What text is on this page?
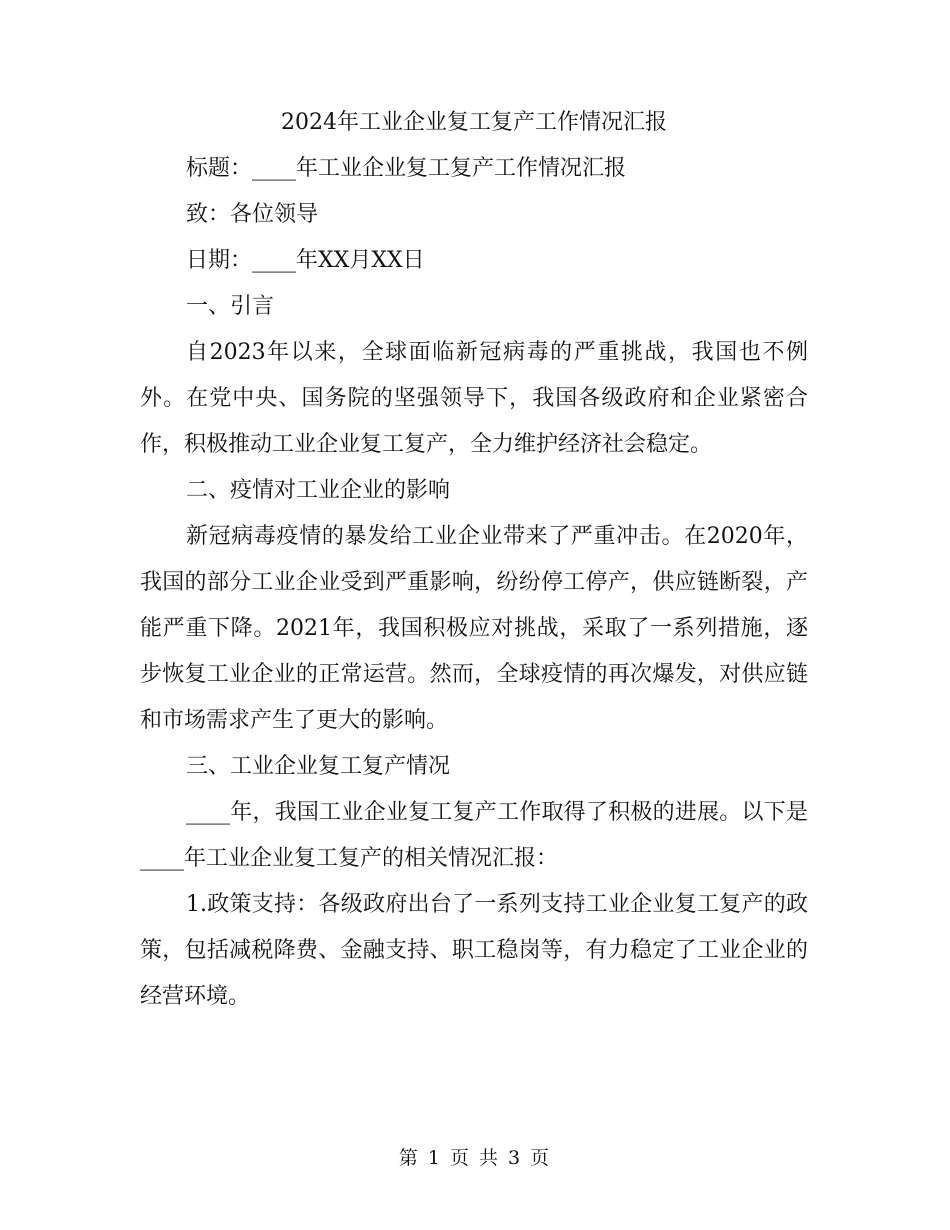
2024年工业企业复工复产工作情况汇报

标题：____年工业企业复工复产工作情况汇报

致：各位领导

日期：____年XX月XX日

一、引言

自2023年以来，全球面临新冠病毒的严重挑战，我国也不例外。在党中央、国务院的坚强领导下，我国各级政府和企业紧密合作，积极推动工业企业复工复产，全力维护经济社会稳定。

二、疫情对工业企业的影响

新冠病毒疫情的暴发给工业企业带来了严重冲击。在2020年，我国的部分工业企业受到严重影响，纷纷停工停产，供应链断裂，产能严重下降。2021年，我国积极应对挑战，采取了一系列措施，逐步恢复工业企业的正常运营。然而，全球疫情的再次爆发，对供应链和市场需求产生了更大的影响。

三、工业企业复工复产情况

____年，我国工业企业复工复产工作取得了积极的进展。以下是____年工业企业复工复产的相关情况汇报：

1.政策支持：各级政府出台了一系列支持工业企业复工复产的政策，包括减税降费、金融支持、职工稳岗等，有力稳定了工业企业的经营环境。

第 1 页 共 3 页
